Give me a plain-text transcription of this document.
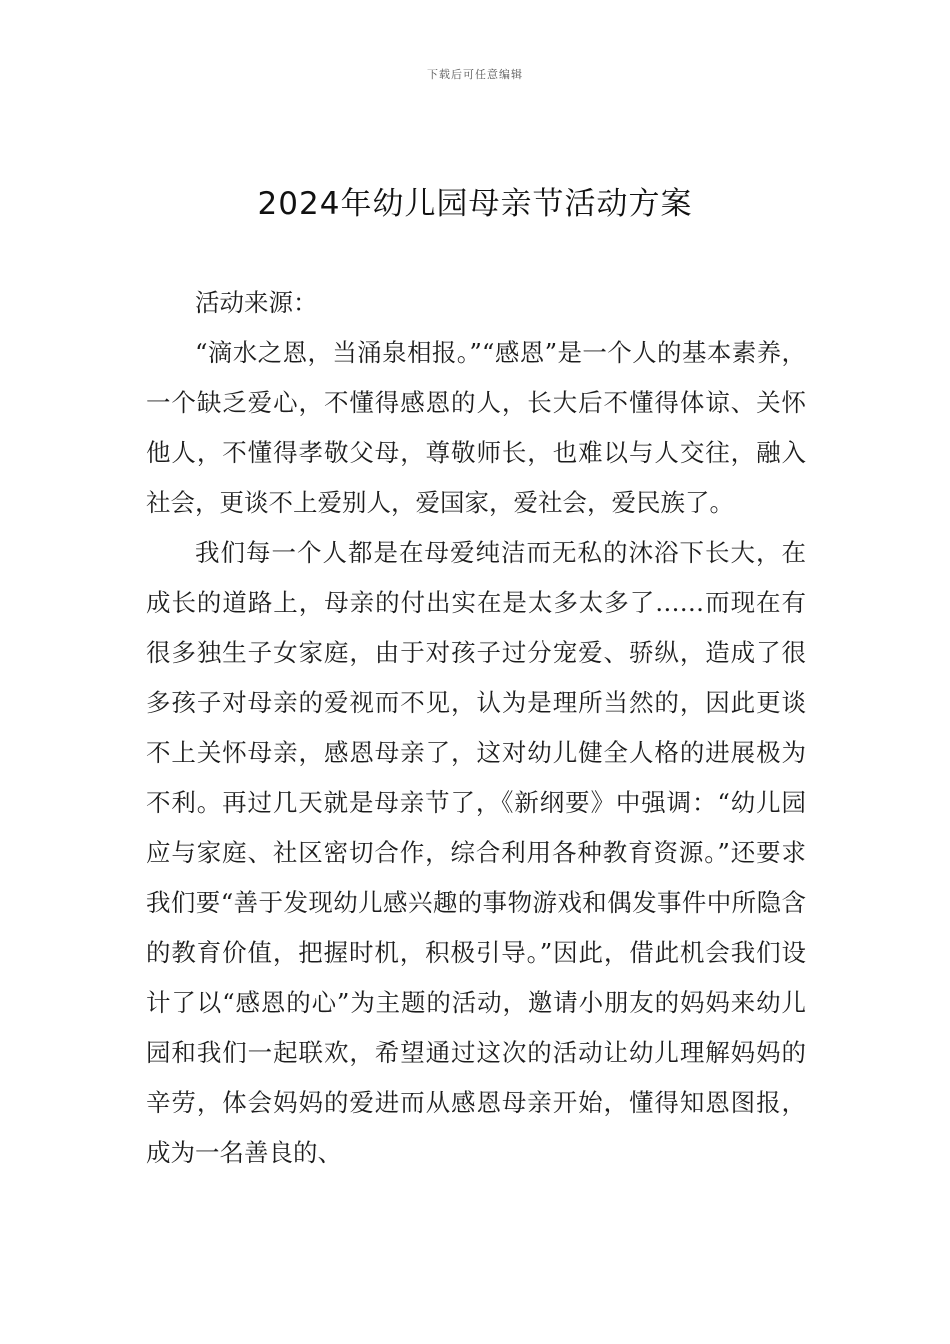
下载后可任意编辑
2024年幼儿园母亲节活动方案

活动来源：

“滴水之恩，当涌泉相报。”“感恩”是一个人的基本素养，一个缺乏爱心，不懂得感恩的人，长大后不懂得体谅、关怀他人，不懂得孝敬父母，尊敬师长，也难以与人交往，融入社会，更谈不上爱别人，爱国家，爱社会，爱民族了。

我们每一个人都是在母爱纯洁而无私的沐浴下长大，在成长的道路上，母亲的付出实在是太多太多了……而现在有很多独生子女家庭，由于对孩子过分宠爱、骄纵，造成了很多孩子对母亲的爱视而不见，认为是理所当然的，因此更谈不上关怀母亲，感恩母亲了，这对幼儿健全人格的进展极为不利。再过几天就是母亲节了，《新纲要》中强调：“幼儿园应与家庭、社区密切合作，综合利用各种教育资源。”还要求我们要“善于发现幼儿感兴趣的事物游戏和偶发事件中所隐含的教育价值，把握时机，积极引导。”因此，借此机会我们设计了以“感恩的心”为主题的活动，邀请小朋友的妈妈来幼儿园和我们一起联欢，希望通过这次的活动让幼儿理解妈妈的辛劳，体会妈妈的爱进而从感恩母亲开始，懂得知恩图报，成为一名善良的、
